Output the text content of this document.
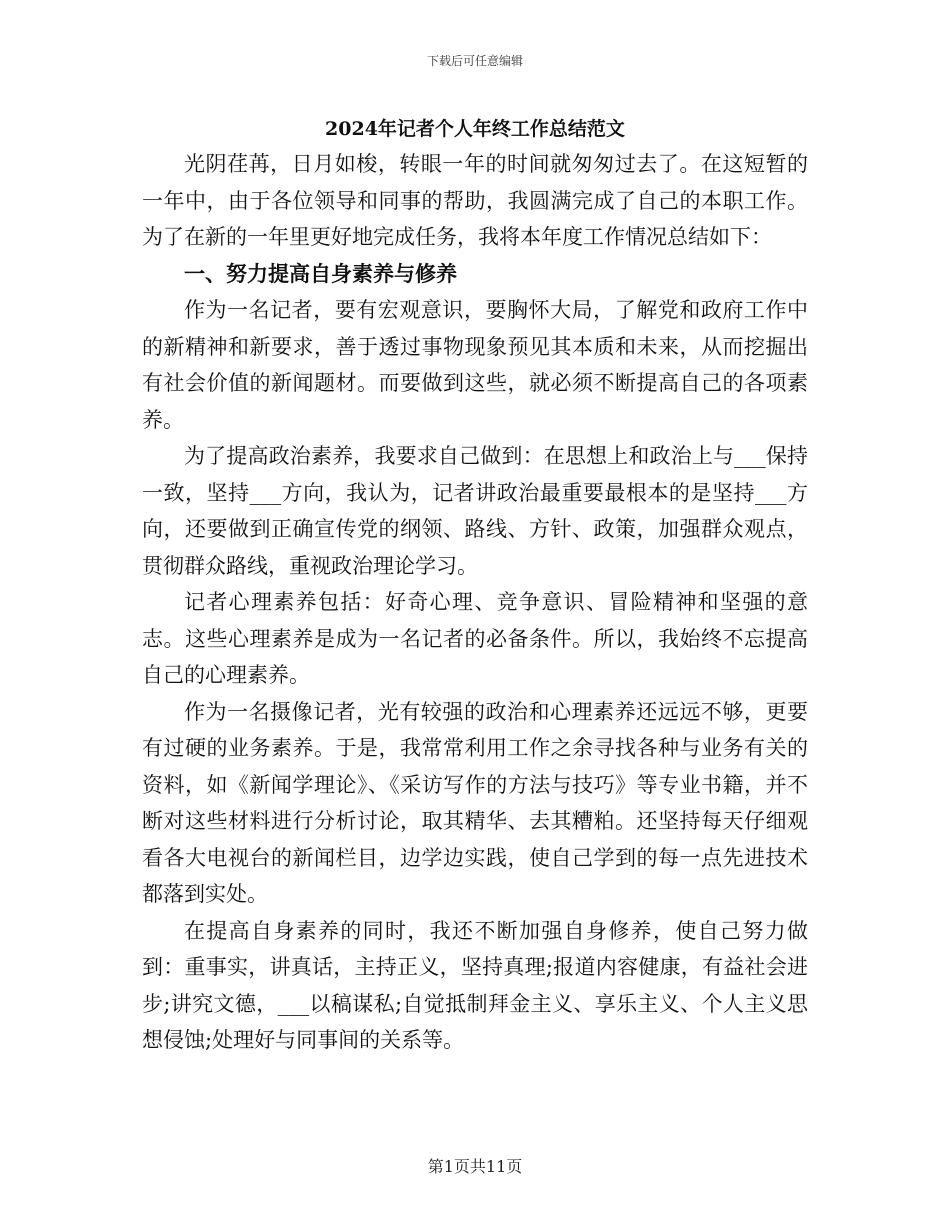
下载后可任意编辑
2024年记者个人年终工作总结范文

光阴荏苒，日月如梭，转眼一年的时间就匆匆过去了。在这短暂的一年中，由于各位领导和同事的帮助，我圆满完成了自己的本职工作。为了在新的一年里更好地完成任务，我将本年度工作情况总结如下：

一、努力提高自身素养与修养

作为一名记者，要有宏观意识，要胸怀大局，了解党和政府工作中的新精神和新要求，善于透过事物现象预见其本质和未来，从而挖掘出有社会价值的新闻题材。而要做到这些，就必须不断提高自己的各项素养。

为了提高政治素养，我要求自己做到：在思想上和政治上与___保持一致，坚持___方向，我认为，记者讲政治最重要最根本的是坚持___方向，还要做到正确宣传党的纲领、路线、方针、政策，加强群众观点，贯彻群众路线，重视政治理论学习。

记者心理素养包括：好奇心理、竞争意识、冒险精神和坚强的意志。这些心理素养是成为一名记者的必备条件。所以，我始终不忘提高自己的心理素养。

作为一名摄像记者，光有较强的政治和心理素养还远远不够，更要有过硬的业务素养。于是，我常常利用工作之余寻找各种与业务有关的资料，如《新闻学理论》、《采访写作的方法与技巧》等专业书籍，并不断对这些材料进行分析讨论，取其精华、去其糟粕。还坚持每天仔细观看各大电视台的新闻栏目，边学边实践，使自己学到的每一点先进技术都落到实处。

在提高自身素养的同时，我还不断加强自身修养，使自己努力做到：重事实，讲真话，主持正义，坚持真理;报道内容健康，有益社会进步;讲究文德，___以稿谋私;自觉抵制拜金主义、享乐主义、个人主义思想侵蚀;处理好与同事间的关系等。

第1页共11页
